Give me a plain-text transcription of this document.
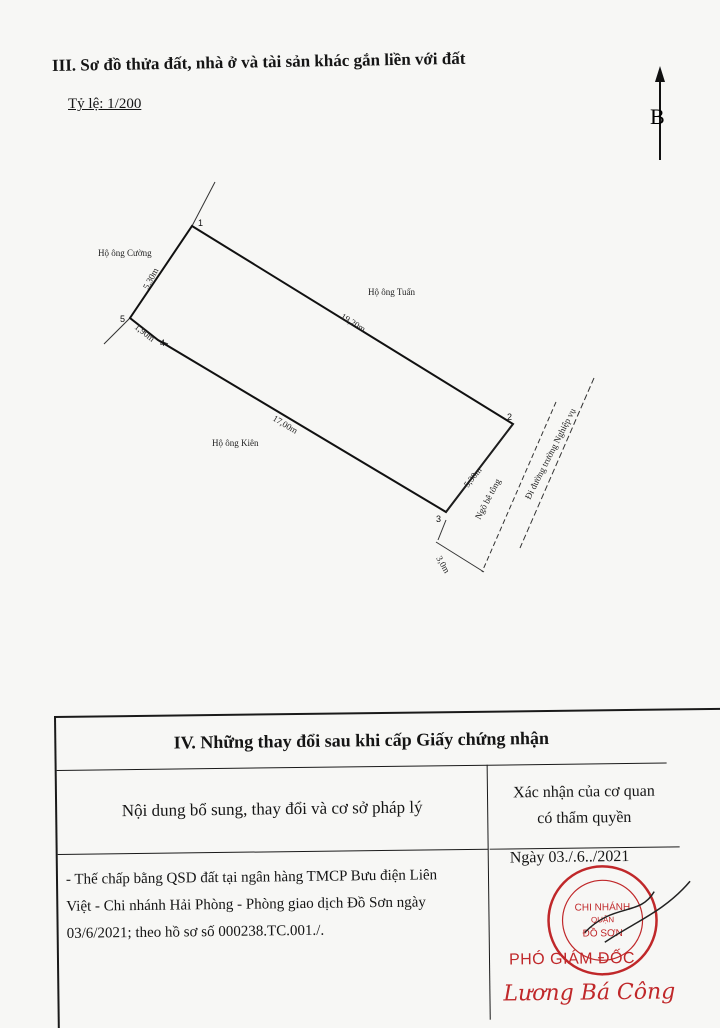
III. Sơ đồ thửa đất, nhà ở và tài sản khác gắn liền với đất
Tỷ lệ: 1/200	B
1
2
3
4
5
Hộ ông Cường
Hộ ông Tuấn
Hộ ông Kiên
5,30m
19,20m
1,90m
17,00m
5,30m
3,0m
Ngõ bê tông Đi đường trường Nghiệp vụ
IV. Những thay đổi sau khi cấp Giấy chứng nhận
Nội dung bổ sung, thay đổi và cơ sở pháp lý
Xác nhận của cơ quan
có thẩm quyền
- Thế chấp bằng QSD đất tại ngân hàng TMCP Bưu điện Liên Việt - Chi nhánh Hải Phòng - Phòng giao dịch Đồ Sơn ngày 03/6/2021; theo hồ sơ số 000238.TC.001./.
Ngày 03./.6../2021
CHI NHÁNH
QUẬN
ĐỒ SƠN
PHÓ GIÁM ĐỐC
Lương Bá Công
